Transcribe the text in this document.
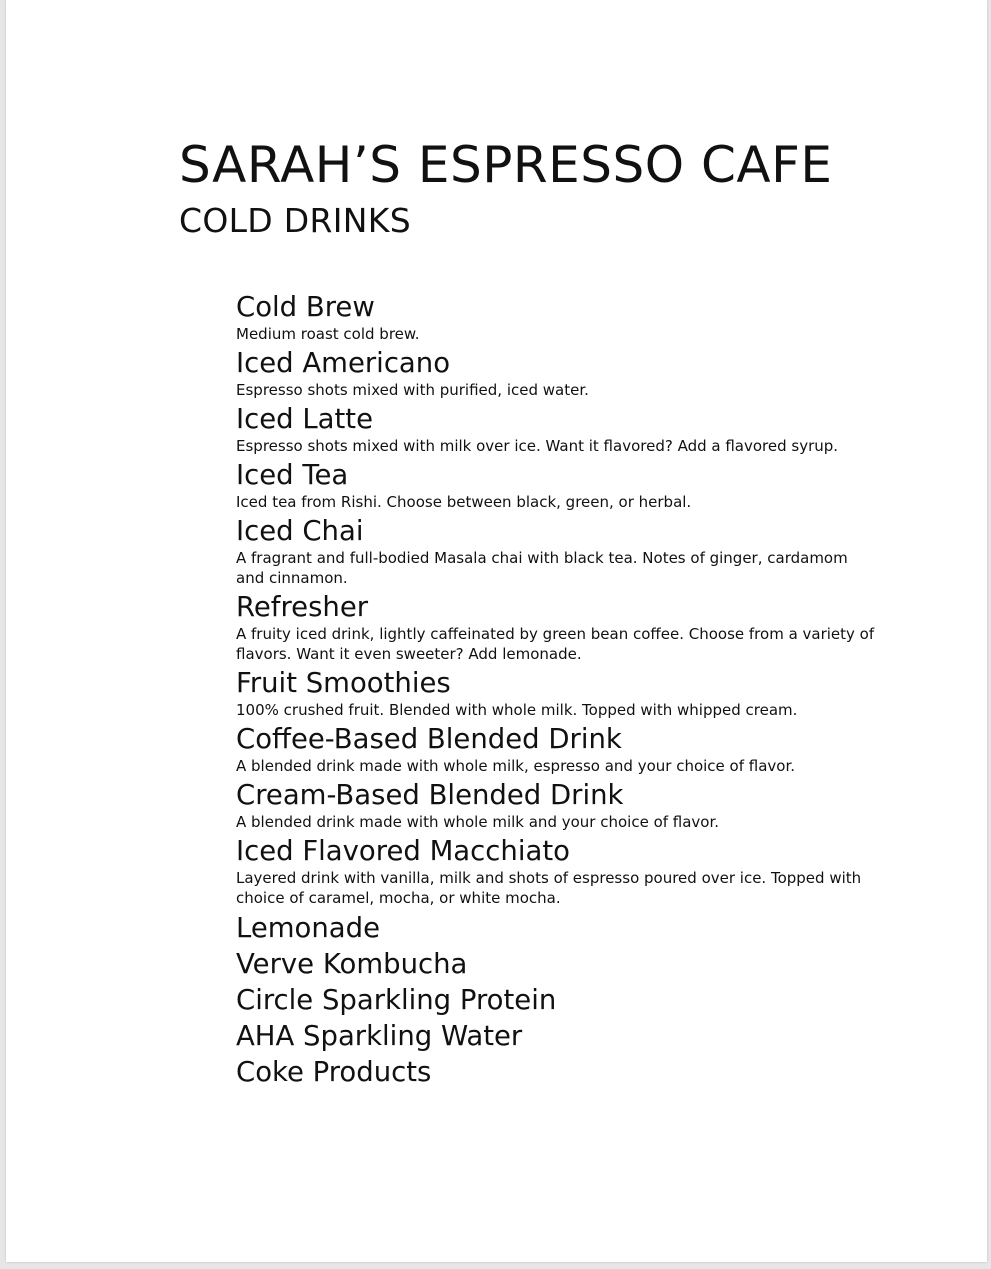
SARAH’S ESPRESSO CAFE
COLD DRINKS
Cold Brew
Medium roast cold brew.
Iced Americano
Espresso shots mixed with purified, iced water.
Iced Latte
Espresso shots mixed with milk over ice. Want it flavored? Add a flavored syrup.
Iced Tea
Iced tea from Rishi. Choose between black, green, or herbal.
Iced Chai
A fragrant and full-bodied Masala chai with black tea. Notes of ginger, cardamom and cinnamon.
Refresher
A fruity iced drink, lightly caffeinated by green bean coffee. Choose from a variety of flavors. Want it even sweeter? Add lemonade.
Fruit Smoothies
100% crushed fruit. Blended with whole milk. Topped with whipped cream.
Coffee-Based Blended Drink
A blended drink made with whole milk, espresso and your choice of flavor.
Cream-Based Blended Drink
A blended drink made with whole milk and your choice of flavor.
Iced Flavored Macchiato
Layered drink with vanilla, milk and shots of espresso poured over ice. Topped with choice of caramel, mocha, or white mocha.
Lemonade
Verve Kombucha
Circle Sparkling Protein
AHA Sparkling Water
Coke Products
